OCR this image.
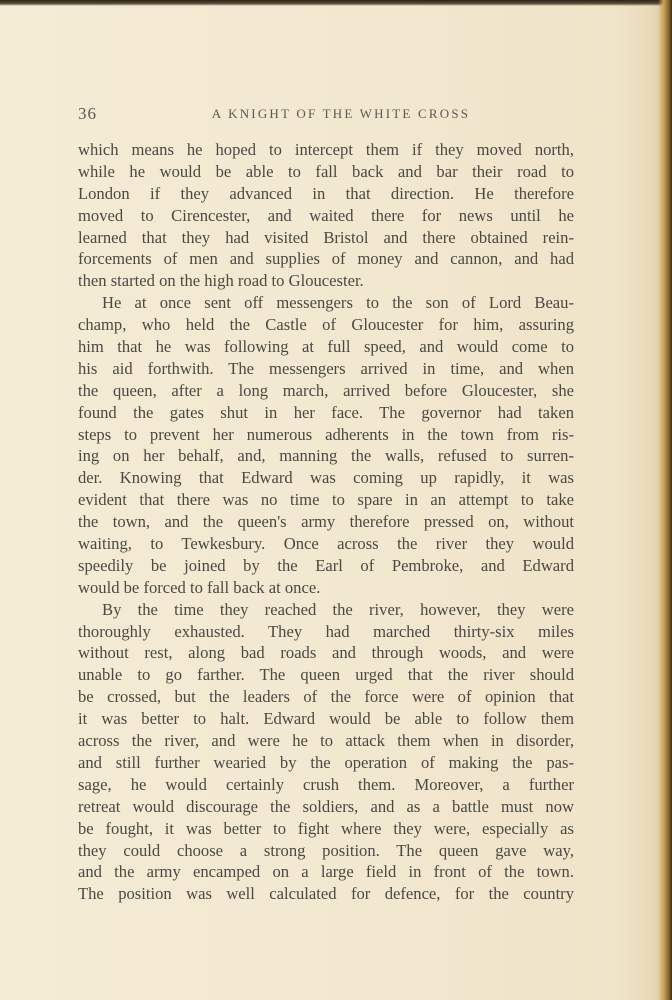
36	A KNIGHT OF THE WHITE CROSS
which means he hoped to intercept them if they moved north,
while he would be able to fall back and bar their road to
London if they advanced in that direction. He therefore
moved to Cirencester, and waited there for news until he
learned that they had visited Bristol and there obtained rein-
forcements of men and supplies of money and cannon, and had
then started on the high road to Gloucester.
He at once sent off messengers to the son of Lord Beau-
champ, who held the Castle of Gloucester for him, assuring
him that he was following at full speed, and would come to
his aid forthwith. The messengers arrived in time, and when
the queen, after a long march, arrived before Gloucester, she
found the gates shut in her face. The governor had taken
steps to prevent her numerous adherents in the town from ris-
ing on her behalf, and, manning the walls, refused to surren-
der. Knowing that Edward was coming up rapidly, it was
evident that there was no time to spare in an attempt to take
the town, and the queen's army therefore pressed on, without
waiting, to Tewkesbury. Once across the river they would
speedily be joined by the Earl of Pembroke, and Edward
would be forced to fall back at once.
By the time they reached the river, however, they were
thoroughly exhausted. They had marched thirty-six miles
without rest, along bad roads and through woods, and were
unable to go farther. The queen urged that the river should
be crossed, but the leaders of the force were of opinion that
it was better to halt. Edward would be able to follow them
across the river, and were he to attack them when in disorder,
and still further wearied by the operation of making the pas-
sage, he would certainly crush them. Moreover, a further
retreat would discourage the soldiers, and as a battle must now
be fought, it was better to fight where they were, especially as
they could choose a strong position. The queen gave way,
and the army encamped on a large field in front of the town.
The position was well calculated for defence, for the country
